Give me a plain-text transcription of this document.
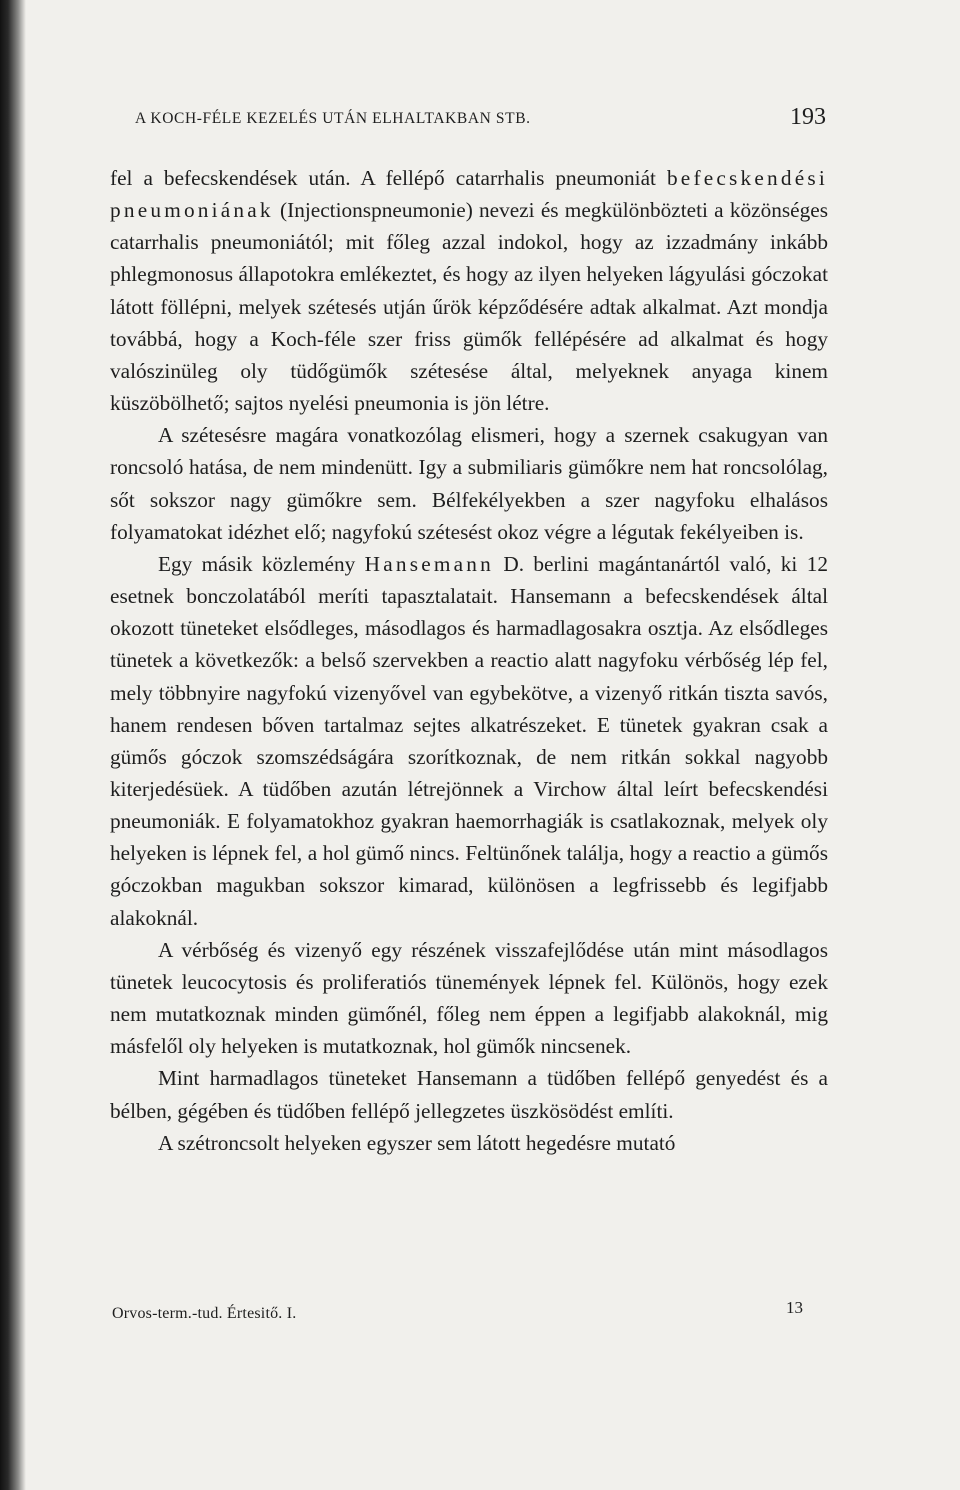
A KOCH-FÉLE KEZELÉS UTÁN ELHALTAKBAN STB.	193

fel a befecskendések után. A fellépő catarrhalis pneumoniát befecskendési pneumoniának (Injectionspneumonie) nevezi és megkülönbözteti a közönséges catarrhalis pneumoniától; mit főleg azzal indokol, hogy az izzadmány inkább phlegmonosus állapotokra emlékeztet, és hogy az ilyen helyeken lágyulási góczokat látott föllépni, melyek szétesés utján űrök képződésére adtak alkalmat. Azt mondja továbbá, hogy a Koch-féle szer friss gümők fellépésére ad alkalmat és hogy valószinüleg oly tüdőgümők szétesése által, melyeknek anyaga kinem küszöbölhető; sajtos nyelési pneumonia is jön létre.

A szétesésre magára vonatkozólag elismeri, hogy a szernek csakugyan van roncsoló hatása, de nem mindenütt. Igy a submiliaris gümőkre nem hat roncsolólag, sőt sokszor nagy gümőkre sem. Bélfekélyekben a szer nagyfoku elhalásos folyamatokat idézhet elő; nagyfokú szétesést okoz végre a légutak fekélyeiben is.

Egy másik közlemény Hansemann D. berlini magántanártól való, ki 12 esetnek bonczolatából meríti tapasztalatait. Hansemann a befecskendések által okozott tüneteket elsődleges, másodlagos és harmadlagosakra osztja. Az elsődleges tünetek a következők: a belső szervekben a reactio alatt nagyfoku vérbőség lép fel, mely többnyire nagyfokú vizenyővel van egybekötve, a vizenyő ritkán tiszta savós, hanem rendesen bőven tartalmaz sejtes alkatrészeket. E tünetek gyakran csak a gümős góczok szomszédságára szorítkoznak, de nem ritkán sokkal nagyobb kiterjedésüek. A tüdőben azután létrejönnek a Virchow által leírt befecskendési pneumoniák. E folyamatokhoz gyakran haemorrhagiák is csatlakoznak, melyek oly helyeken is lépnek fel, a hol gümő nincs. Feltünőnek találja, hogy a reactio a gümős góczokban magukban sokszor kimarad, különösen a legfrissebb és legifjabb alakoknál.

A vérbőség és vizenyő egy részének visszafejlődése után mint másodlagos tünetek leucocytosis és proliferatiós tünemények lépnek fel. Különös, hogy ezek nem mutatkoznak minden gümőnél, főleg nem éppen a legifjabb alakoknál, mig másfelől oly helyeken is mutatkoznak, hol gümők nincsenek.

Mint harmadlagos tüneteket Hansemann a tüdőben fellépő genyedést és a bélben, gégében és tüdőben fellépő jellegzetes üszkösödést említi.

A szétroncsolt helyeken egyszer sem látott hegedésre mutató

Orvos-term.-tud. Értesitő. I.	13
